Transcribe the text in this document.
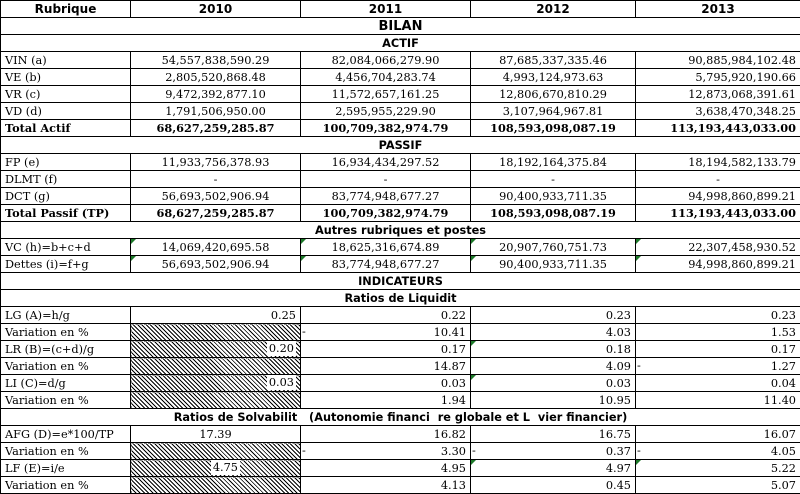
Rubrique	2010	2011	2012	2013
BILAN				
ACTIF				
VIN (a)	54,557,838,590.29	82,084,066,279.90	87,685,337,335.46	90,885,984,102.48
VE (b)	2,805,520,868.48	4,456,704,283.74	4,993,124,973.63	5,795,920,190.66
VR (c)	9,472,392,877.10	11,572,657,161.25	12,806,670,810.29	12,873,068,391.61
VD (d)	1,791,506,950.00	2,595,955,229.90	3,107,964,967.81	3,638,470,348.25
Total Actif	68,627,259,285.87	100,709,382,974.79	108,593,098,087.19	113,193,443,033.00
PASSIF				
FP (e)	11,933,756,378.93	16,934,434,297.52	18,192,164,375.84	18,194,582,133.79
DLMT (f)	-	-	-	-
DCT (g)	56,693,502,906.94	83,774,948,677.27	90,400,933,711.35	94,998,860,899.21
Total Passif (TP)	68,627,259,285.87	100,709,382,974.79	108,593,098,087.19	113,193,443,033.00
Autres rubriques et postes				
VC (h)=b+c+d	14,069,420,695.58	18,625,316,674.89	20,907,760,751.73	22,307,458,930.52
Dettes (i)=f+g	56,693,502,906.94	83,774,948,677.27	90,400,933,711.35	94,998,860,899.21
INDICATEURS				
Ratios de Liquidit				
LG (A)=h/g	0.25	0.22	0.23	0.23
Variation en %		- 10.41	4.03	1.53
LR (B)=(c+d)/g	0.20	0.17	0.18	0.17
Variation en %		14.87	4.09	- 1.27
LI (C)=d/g	0.03	0.03	0.03	0.04
Variation en %		1.94	10.95	11.40
Ratios de Solvabilit   (Autonomie financi  re globale et L  vier financier)				
AFG (D)=e*100/TP	17.39	16.82	16.75	16.07
Variation en %		- 3.30	- 0.37	- 4.05
LF (E)=i/e	4.75	4.95	4.97	5.22
Variation en %		4.13	0.45	5.07
